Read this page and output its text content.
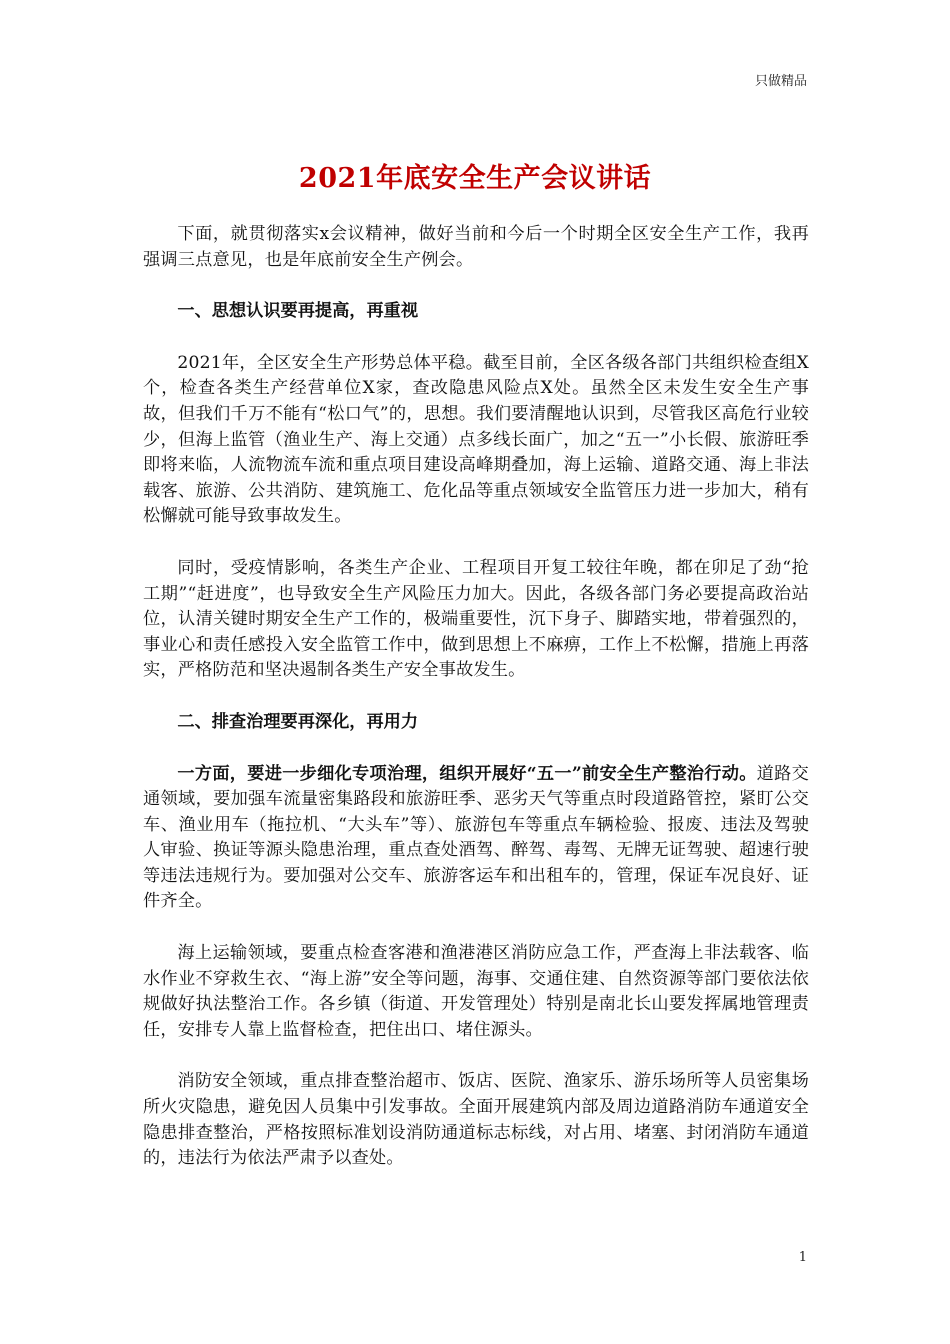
只做精品
2021年底安全生产会议讲话

下面，就贯彻落实x会议精神，做好当前和今后一个时期全区安全生产工作，我再强调三点意见，也是年底前安全生产例会。

一、思想认识要再提高，再重视

2021年，全区安全生产形势总体平稳。截至目前，全区各级各部门共组织检查组X个，检查各类生产经营单位X家，查改隐患风险点X处。虽然全区未发生安全生产事故，但我们千万不能有“松口气”的，思想。我们要清醒地认识到，尽管我区高危行业较少，但海上监管（渔业生产、海上交通）点多线长面广，加之“五一”小长假、旅游旺季即将来临，人流物流车流和重点项目建设高峰期叠加，海上运输、道路交通、海上非法载客、旅游、公共消防、建筑施工、危化品等重点领域安全监管压力进一步加大，稍有松懈就可能导致事故发生。

同时，受疫情影响，各类生产企业、工程项目开复工较往年晚，都在卯足了劲“抢工期”“赶进度”，也导致安全生产风险压力加大。因此，各级各部门务必要提高政治站位，认清关键时期安全生产工作的，极端重要性，沉下身子、脚踏实地，带着强烈的，事业心和责任感投入安全监管工作中，做到思想上不麻痹，工作上不松懈，措施上再落实，严格防范和坚决遏制各类生产安全事故发生。

二、排查治理要再深化，再用力

一方面，要进一步细化专项治理，组织开展好“五一”前安全生产整治行动。道路交通领域，要加强车流量密集路段和旅游旺季、恶劣天气等重点时段道路管控，紧盯公交车、渔业用车（拖拉机、“大头车”等）、旅游包车等重点车辆检验、报废、违法及驾驶人审验、换证等源头隐患治理，重点查处酒驾、醉驾、毒驾、无牌无证驾驶、超速行驶等违法违规行为。要加强对公交车、旅游客运车和出租车的，管理，保证车况良好、证件齐全。

海上运输领域，要重点检查客港和渔港港区消防应急工作，严查海上非法载客、临水作业不穿救生衣、“海上游”安全等问题，海事、交通住建、自然资源等部门要依法依规做好执法整治工作。各乡镇（街道、开发管理处）特别是南北长山要发挥属地管理责任，安排专人靠上监督检查，把住出口、堵住源头。

消防安全领域，重点排查整治超市、饭店、医院、渔家乐、游乐场所等人员密集场所火灾隐患，避免因人员集中引发事故。全面开展建筑内部及周边道路消防车通道安全隐患排查整治，严格按照标准划设消防通道标志标线，对占用、堵塞、封闭消防车通道的，违法行为依法严肃予以查处。

1
